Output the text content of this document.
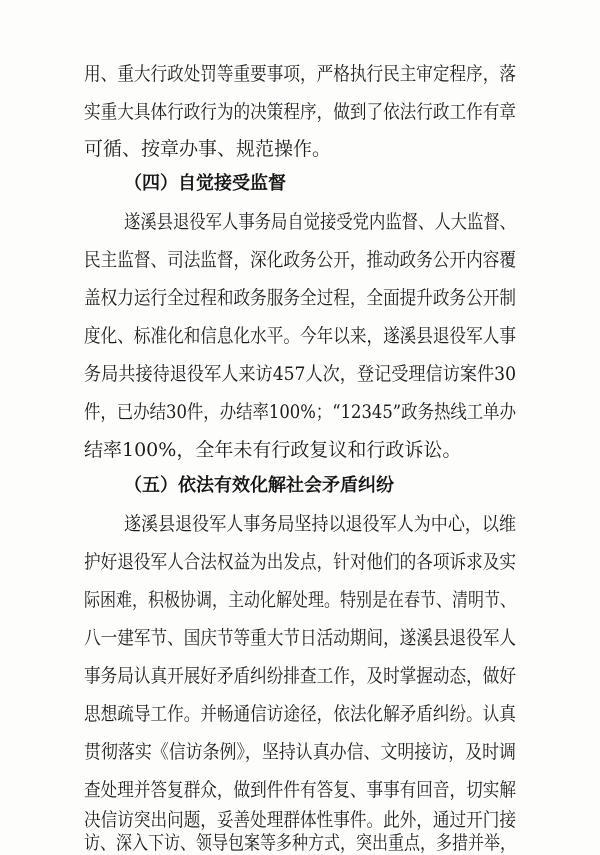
用、重大行政处罚等重要事项，严格执行民主审定程序，落
实重大具体行政行为的决策程序，做到了依法行政工作有章
可循、按章办事、规范操作。
（四）自觉接受监督
遂溪县退役军人事务局自觉接受党内监督、人大监督、
民主监督、司法监督，深化政务公开，推动政务公开内容覆
盖权力运行全过程和政务服务全过程，全面提升政务公开制
度化、标准化和信息化水平。今年以来，遂溪县退役军人事
务局共接待退役军人来访457人次，登记受理信访案件30
件，已办结30件，办结率100%；“12345”政务热线工单办
结率100%，全年未有行政复议和行政诉讼。
（五）依法有效化解社会矛盾纠纷
遂溪县退役军人事务局坚持以退役军人为中心，以维
护好退役军人合法权益为出发点，针对他们的各项诉求及实
际困难，积极协调，主动化解处理。特别是在春节、清明节、
八一建军节、国庆节等重大节日活动期间，遂溪县退役军人
事务局认真开展好矛盾纠纷排查工作，及时掌握动态，做好
思想疏导工作。并畅通信访途径，依法化解矛盾纠纷。认真
贯彻落实《信访条例》，坚持认真办信、文明接访，及时调
查处理并答复群众，做到件件有答复、事事有回音，切实解
决信访突出问题，妥善处理群体性事件。此外，通过开门接
访、深入下访、领导包案等多种方式，突出重点，多措并举，
